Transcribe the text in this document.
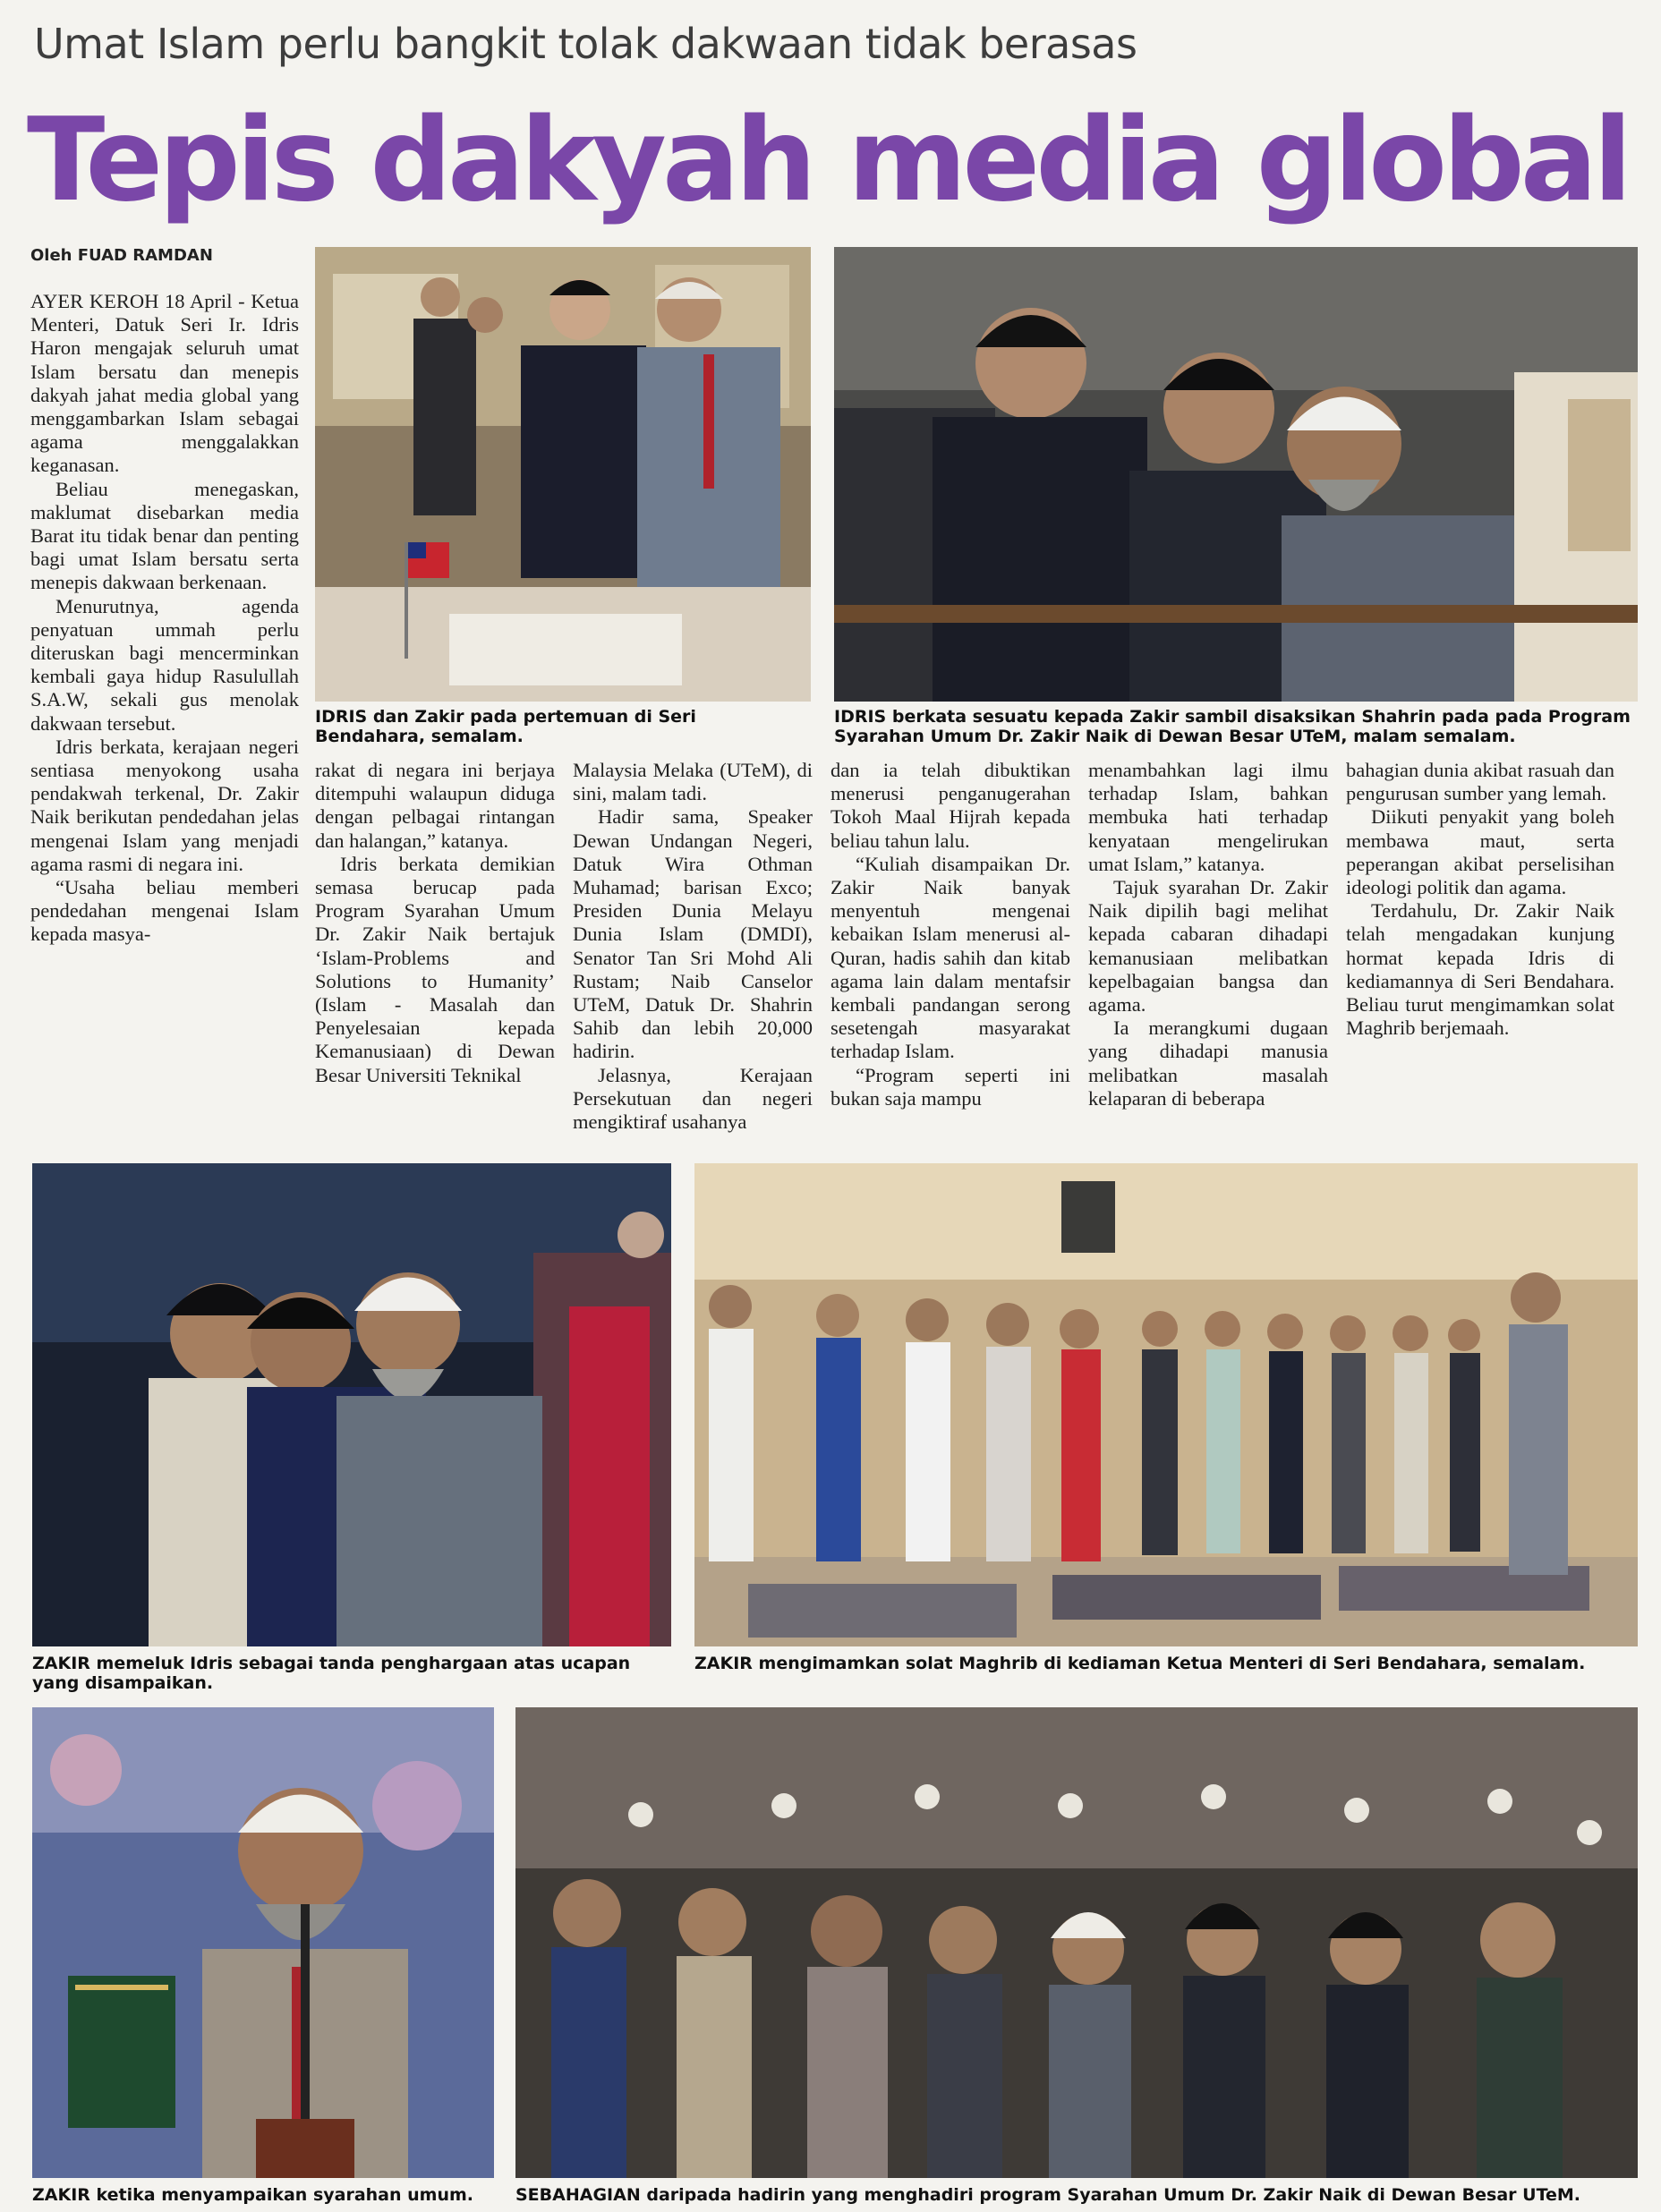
Umat Islam perlu bangkit tolak dakwaan tidak berasas
Tepis dakyah media global
Oleh FUAD RAMDAN

AYER KEROH 18 April - Ketua Menteri, Datuk Seri Ir. Idris Haron mengajak seluruh umat Islam bersatu dan menepis dakyah jahat media global yang menggambarkan Islam sebagai agama menggalakkan keganasan.

Beliau menegaskan, maklumat disebarkan media Barat itu tidak benar dan penting bagi umat Islam bersatu serta menepis dakwaan berkenaan.

Menurutnya, agenda penyatuan ummah perlu diteruskan bagi mencerminkan kembali gaya hidup Rasulullah S.A.W, sekali gus menolak dakwaan tersebut.

Idris berkata, kerajaan negeri sentiasa menyokong usaha pendakwah terkenal, Dr. Zakir Naik berikutan pendedahan jelas mengenai Islam yang menjadi agama rasmi di negara ini.

“Usaha beliau memberi pendedahan mengenai Islam kepada masya-

IDRIS dan Zakir pada pertemuan di Seri Bendahara, semalam.
IDRIS berkata sesuatu kepada Zakir sambil disaksikan Shahrin pada pada Program Syarahan Umum Dr. Zakir Naik di Dewan Besar UTeM, malam semalam.

rakat di negara ini berjaya ditempuhi walaupun diduga dengan pelbagai rintangan dan halangan,” katanya.

Idris berkata demikian semasa berucap pada Program Syarahan Umum Dr. Zakir Naik bertajuk ‘Islam-Problems and Solutions to Humanity’ (Islam - Masalah dan Penyelesaian kepada Kemanusiaan) di Dewan Besar Universiti Teknikal

Malaysia Melaka (UTeM), di sini, malam tadi.

Hadir sama, Speaker Dewan Undangan Negeri, Datuk Wira Othman Muhamad; barisan Exco; Presiden Dunia Melayu Dunia Islam (DMDI), Senator Tan Sri Mohd Ali Rustam; Naib Canselor UTeM, Datuk Dr. Shahrin Sahib dan lebih 20,000 hadirin.

Jelasnya, Kerajaan Persekutuan dan negeri mengiktiraf usahanya

dan ia telah dibuktikan menerusi penganugerahan Tokoh Maal Hijrah kepada beliau tahun lalu.

“Kuliah disampaikan Dr. Zakir Naik banyak menyentuh mengenai kebaikan Islam menerusi al-Quran, hadis sahih dan kitab agama lain dalam mentafsir kembali pandangan serong sesetengah masyarakat terhadap Islam.

“Program seperti ini bukan saja mampu

menambahkan lagi ilmu terhadap Islam, bahkan membuka hati terhadap kenyataan mengelirukan umat Islam,” katanya.

Tajuk syarahan Dr. Zakir Naik dipilih bagi melihat kepada cabaran dihadapi kemanusiaan melibatkan kepelbagaian bangsa dan agama.

Ia merangkumi dugaan yang dihadapi manusia melibatkan masalah kelaparan di beberapa

bahagian dunia akibat rasuah dan pengurusan sumber yang lemah.

Diikuti penyakit yang boleh membawa maut, serta peperangan akibat perselisihan ideologi politik dan agama.

Terdahulu, Dr. Zakir Naik telah mengadakan kunjung hormat kepada Idris di kediamannya di Seri Bendahara. Beliau turut mengimamkan solat Maghrib berjemaah.

ZAKIR memeluk Idris sebagai tanda penghargaan atas ucapan yang disampaikan.
ZAKIR mengimamkan solat Maghrib di kediaman Ketua Menteri di Seri Bendahara, semalam.
ZAKIR ketika menyampaikan syarahan umum.	SEBAHAGIAN daripada hadirin yang menghadiri program Syarahan Umum Dr. Zakir Naik di Dewan Besar UTeM.
